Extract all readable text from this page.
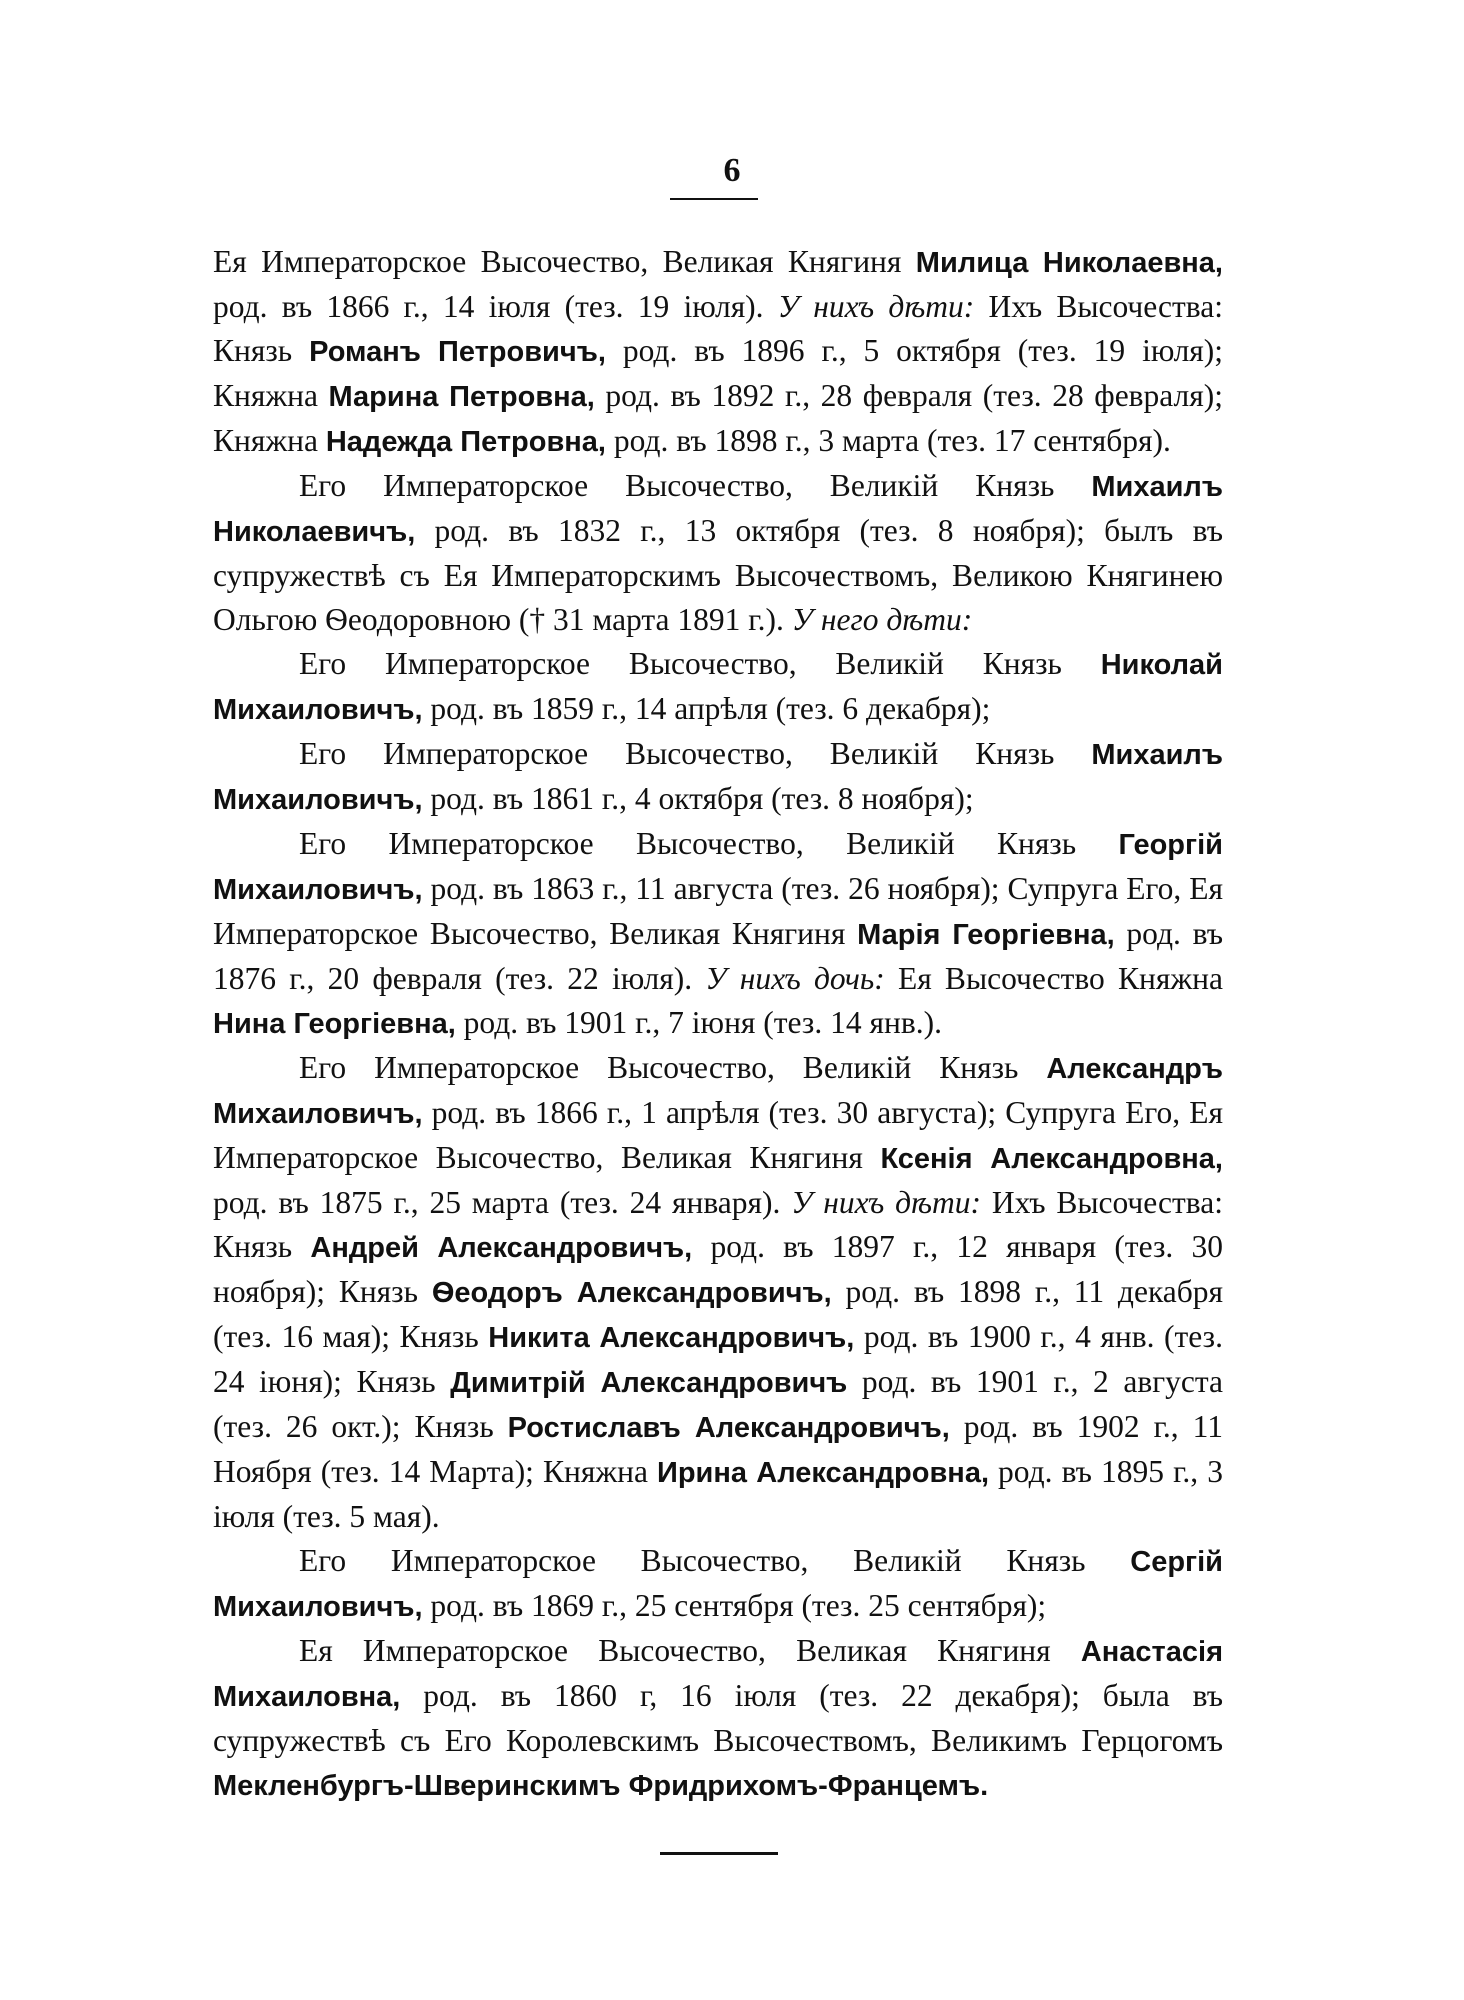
6

Ея Императорское Высочество, Великая Княгиня Милица Николаевна, род. въ 1866 г., 14 іюля (тез. 19 іюля). У нихъ дѣти: Ихъ Высочества: Князь Романъ Петровичъ, род. въ 1896 г., 5 октября (тез. 19 іюля); Княжна Марина Петровна, род. въ 1892 г., 28 февраля (тез. 28 февраля); Княжна Надежда Петровна, род. въ 1898 г., 3 марта (тез. 17 сентября).

Его Императорское Высочество, Великій Князь Михаилъ Николаевичъ, род. въ 1832 г., 13 октября (тез. 8 ноября); былъ въ супружествѣ съ Ея Императорскимъ Высочествомъ, Великою Княгинею Ольгою Ѳеодоровною († 31 марта 1891 г.). У него дѣти:

Его Императорское Высочество, Великій Князь Николай Михаиловичъ, род. въ 1859 г., 14 апрѣля (тез. 6 декабря);

Его Императорское Высочество, Великій Князь Михаилъ Михаиловичъ, род. въ 1861 г., 4 октября (тез. 8 ноября);

Его Императорское Высочество, Великій Князь Георгій Михаиловичъ, род. въ 1863 г., 11 августа (тез. 26 ноября); Супруга Его, Ея Императорское Высочество, Великая Княгиня Марія Георгіевна, род. въ 1876 г., 20 февраля (тез. 22 іюля). У нихъ дочь: Ея Высочество Княжна Нина Георгіевна, род. въ 1901 г., 7 іюня (тез. 14 янв.).

Его Императорское Высочество, Великій Князь Александръ Михаиловичъ, род. въ 1866 г., 1 апрѣля (тез. 30 августа); Супруга Его, Ея Императорское Высочество, Великая Княгиня Ксенія Александровна, род. въ 1875 г., 25 марта (тез. 24 января). У нихъ дѣти: Ихъ Высочества: Князь Андрей Александровичъ, род. въ 1897 г., 12 января (тез. 30 ноября); Князь Ѳеодоръ Александровичъ, род. въ 1898 г., 11 декабря (тез. 16 мая); Князь Никита Александровичъ, род. въ 1900 г., 4 янв. (тез. 24 іюня); Князь Димитрій Александровичъ род. въ 1901 г., 2 августа (тез. 26 окт.); Князь Ростиславъ Александровичъ, род. въ 1902 г., 11 Ноября (тез. 14 Марта); Княжна Ирина Александровна, род. въ 1895 г., 3 іюля (тез. 5 мая).

Его Императорское Высочество, Великій Князь Сергій Михаиловичъ, род. въ 1869 г., 25 сентября (тез. 25 сентября);

Ея Императорское Высочество, Великая Княгиня Анастасія Михаиловна, род. въ 1860 г, 16 іюля (тез. 22 декабря); была въ супружествѣ съ Его Королевскимъ Высочествомъ, Великимъ Герцогомъ Мекленбургъ-Шверинскимъ Фридрихомъ-Францемъ.
